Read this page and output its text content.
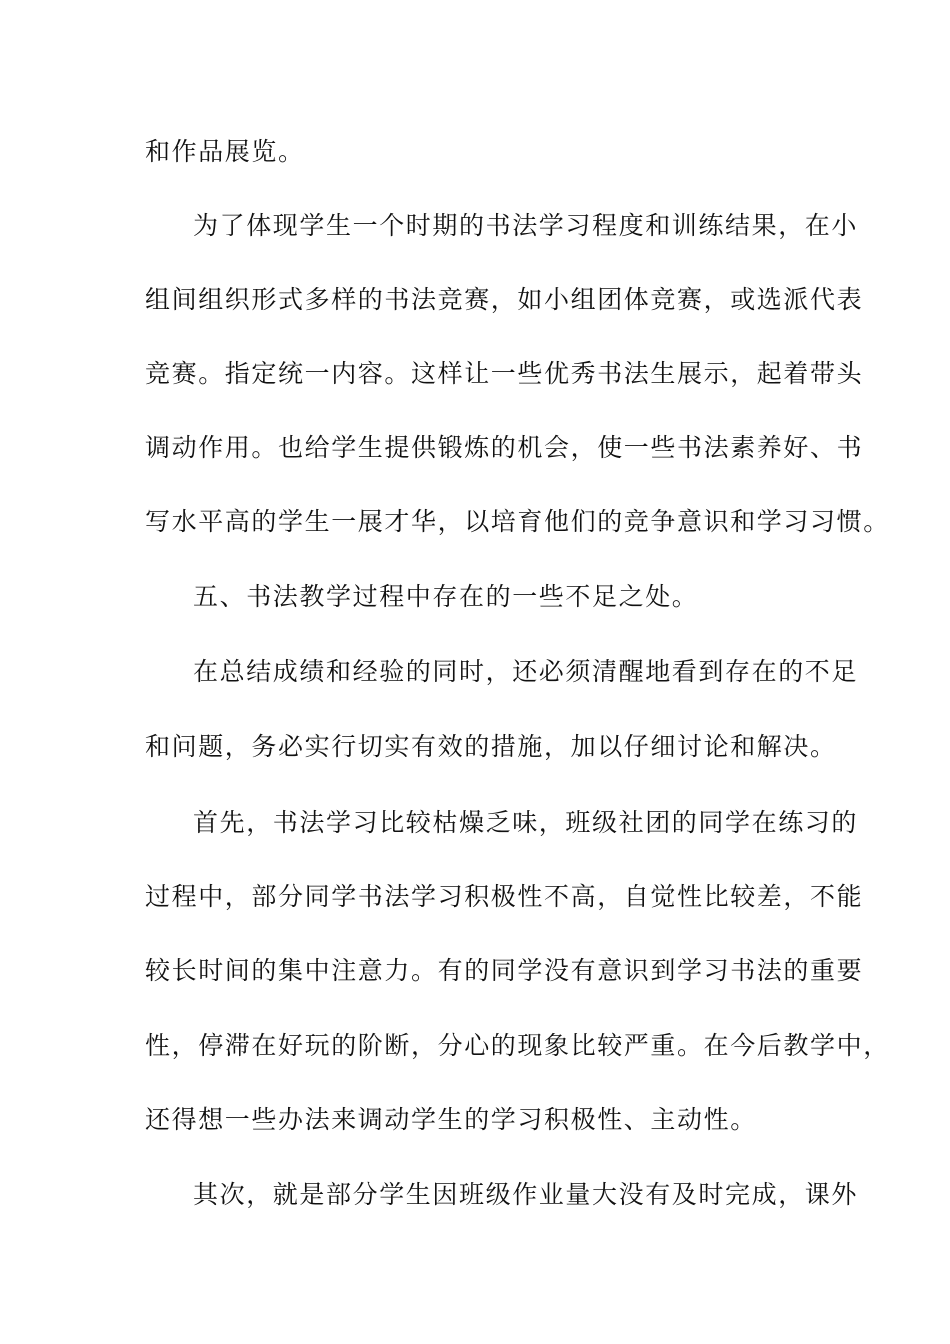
和作品展览。
为了体现学生一个时期的书法学习程度和训练结果，在小
组间组织形式多样的书法竞赛，如小组团体竞赛，或选派代表
竞赛。指定统一内容。这样让一些优秀书法生展示，起着带头
调动作用。也给学生提供锻炼的机会，使一些书法素养好、书
写水平高的学生一展才华，以培育他们的竞争意识和学习习惯。
五、书法教学过程中存在的一些不足之处。
在总结成绩和经验的同时，还必须清醒地看到存在的不足
和问题，务必实行切实有效的措施，加以仔细讨论和解决。
首先，书法学习比较枯燥乏味，班级社团的同学在练习的
过程中，部分同学书法学习积极性不高，自觉性比较差，不能
较长时间的集中注意力。有的同学没有意识到学习书法的重要
性，停滞在好玩的阶断，分心的现象比较严重。在今后教学中，
还得想一些办法来调动学生的学习积极性、主动性。
其次，就是部分学生因班级作业量大没有及时完成，课外
